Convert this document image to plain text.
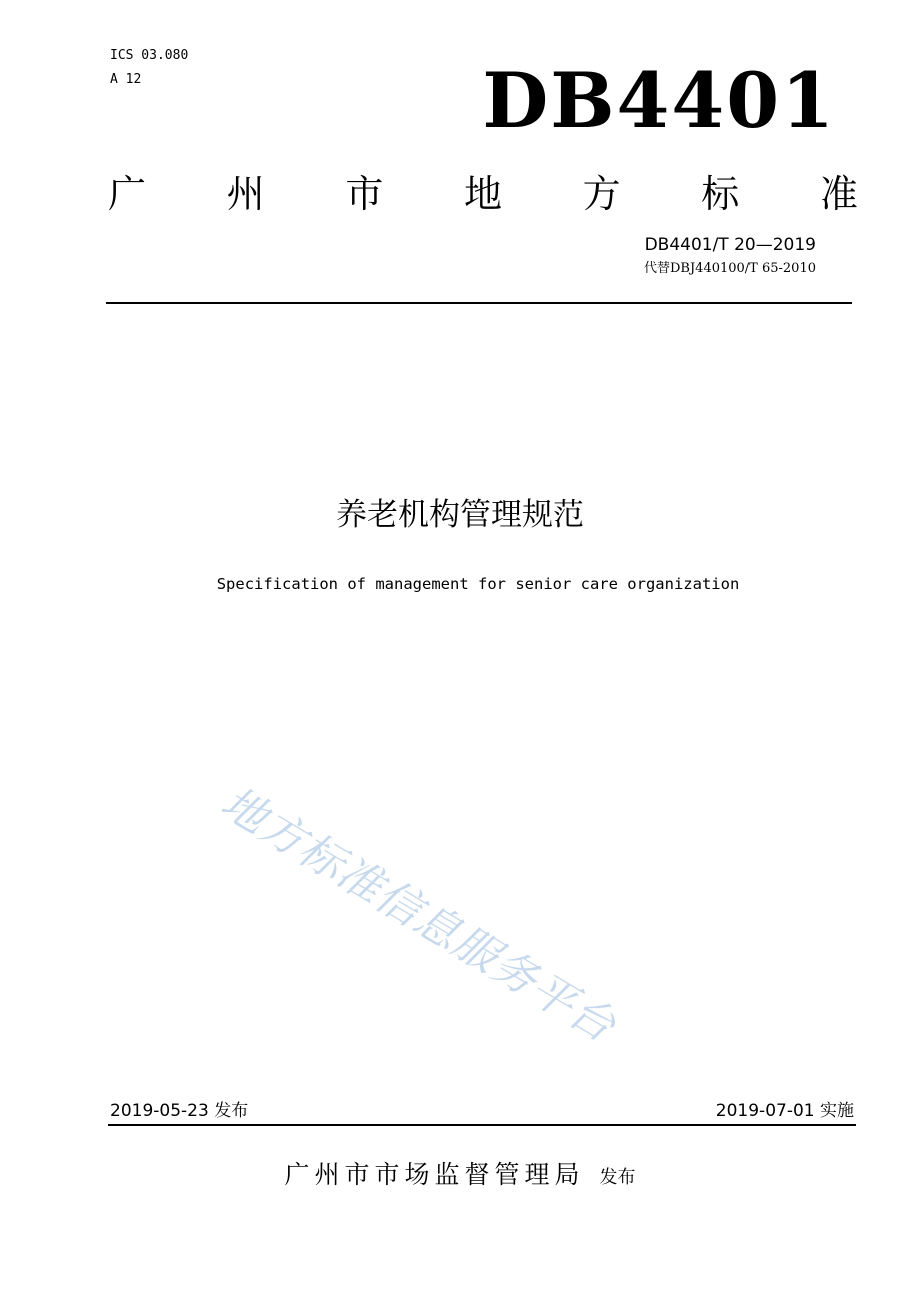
ICS 03.080
A 12	DB4401
广 州 市 地 方 标 准
DB4401/T 20—2019
代替DBJ440100/T 65-2010
养老机构管理规范
Specification of management for senior care organization
地方标准信息服务平台
2019-05-23 发布	2019-07-01 实施
广州市市场监督管理局 发布
